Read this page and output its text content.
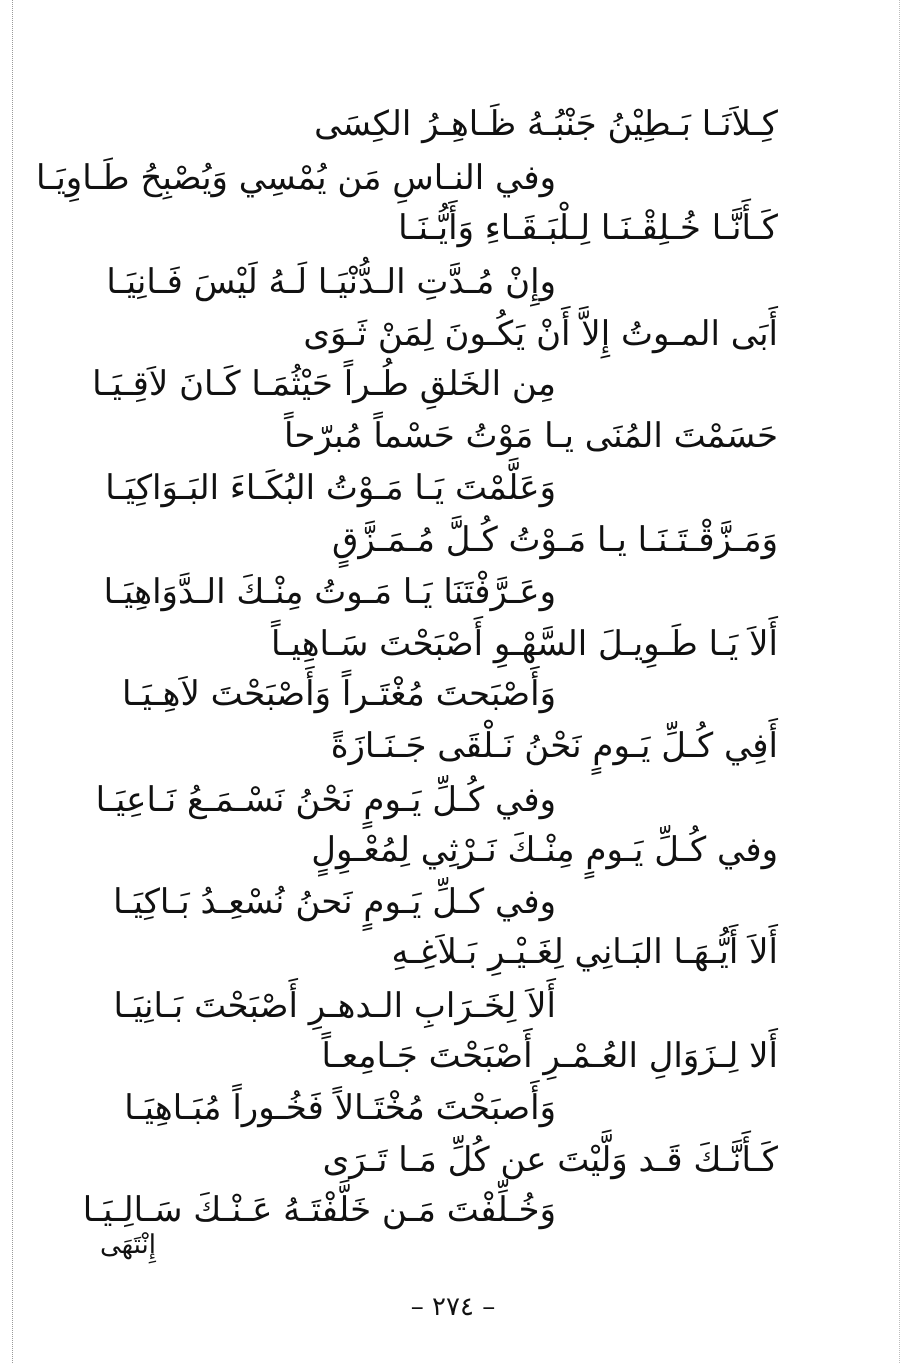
كِـلاَنَـا بَـطِيْنُ جَنْبُـهُ ظَـاهِـرُ الكِسَى
وفي النـاسِ مَن يُمْسِي وَيُصْبِحُ طَـاوِيَـا
كَـأَنَّـا خُـلِقْـنَـا لِـلْبَـقَـاءِ وَأَيُّـنَـا
وإِنْ مُـدَّتِ الـدُّنْيَـا لَـهُ لَيْسَ فَـانِيَـا
أَبَى المـوتُ إِلاَّ أَنْ يَكُـونَ لِمَنْ ثَـوَى
مِن الخَلقِ طُـراً حَيْثُمَـا كَـانَ لاَقِـيَـا
حَسَمْتَ المُنَى يـا مَوْتُ حَسْماً مُبرّحاً
وَعَلَّمْتَ يَـا مَـوْتُ البُكَـاءَ البَـوَاكِيَـا
وَمَـزَّقْـتَـنَـا يـا مَـوْتُ كُـلَّ مُـمَـزَّقٍ
وعَـرَّفْتَنَا يَـا مَـوتُ مِنْـكَ الـدَّوَاهِيَـا
أَلاَ يَـا طَـوِيـلَ السَّهْـوِ أَصْبَحْتَ سَـاهِيـاً
وَأَصْبَحتَ مُغْتَـراً وَأَصْبَحْتَ لاَهِـيَـا
أَفِي كُـلِّ يَـومٍ نَحْنُ نَـلْقَى جَـنَـازَةً
وفي كُـلِّ يَـومٍ نَحْنُ نَسْـمَـعُ نَـاعِيَـا
وفي كُـلِّ يَـومٍ مِنْـكَ نَـرْثِي لِمُعْـوِلٍ
وفي كـلِّ يَـومٍ نَحنُ نُسْعِـدُ بَـاكِيَـا
أَلاَ أَيُّـهَـا البَـانِي لِغَـيْـرِ بَـلاَغِـهِ
أَلاَ لِخَـرَابِ الـدهـرِ أَصْبَحْتَ بَـانِيَـا
أَلا لِـزَوَالِ العُـمْـرِ أَصْبَحْتَ جَـامِعـاً
وَأَصبَحْتَ مُخْتَـالاً فَخُـوراً مُبَـاهِيَـا
كَـأَنَّـكَ قَـد وَلَّيْتَ عن كُلِّ مَـا تَـرَى
وَخُـلِّفْتَ مَـن خَلَّفْتَـهُ عَـنْـكَ سَـالِـيَـا
إِنْتَهَى
– ٢٧٤ –
